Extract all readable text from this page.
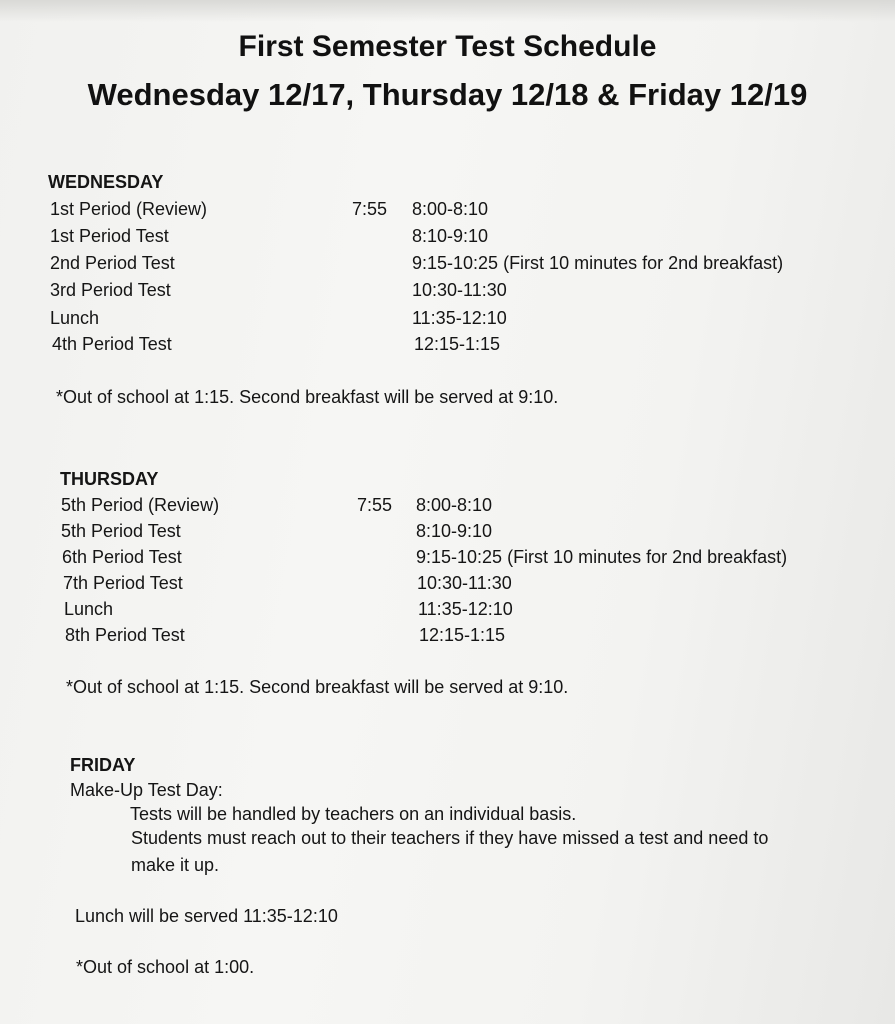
First Semester Test Schedule
Wednesday 12/17, Thursday 12/18 & Friday 12/19
WEDNESDAY
1st Period (Review)	7:55 8:00-8:10
1st Period Test	8:10-9:10
2nd Period Test	9:15-10:25 (First 10 minutes for 2nd breakfast)
3rd Period Test	10:30-11:30
Lunch	11:35-12:10
4th Period Test	12:15-1:15
*Out of school at 1:15. Second breakfast will be served at 9:10.
THURSDAY
5th Period (Review)	7:55 8:00-8:10
5th Period Test	8:10-9:10
6th Period Test	9:15-10:25 (First 10 minutes for 2nd breakfast)
7th Period Test	10:30-11:30
Lunch	11:35-12:10
8th Period Test	12:15-1:15
*Out of school at 1:15. Second breakfast will be served at 9:10.
FRIDAY
Make-Up Test Day:
Tests will be handled by teachers on an individual basis.
Students must reach out to their teachers if they have missed a test and need to
make it up.
Lunch will be served 11:35-12:10
*Out of school at 1:00.
